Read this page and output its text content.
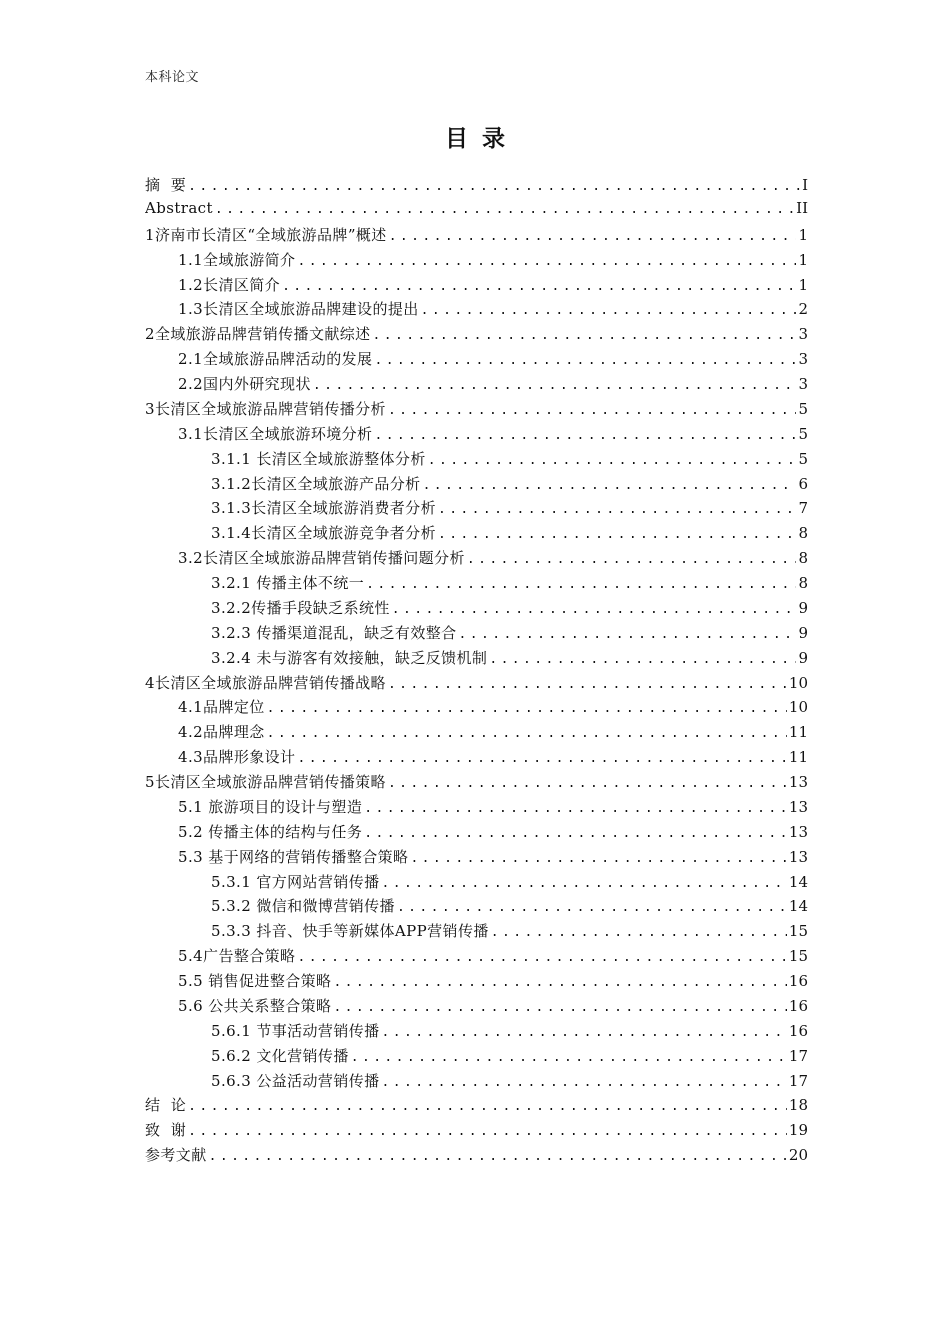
本科论文
目录
摘  要 .....	I
Abstract .....	II
1济南市长清区“全域旅游品牌”概述 .....	1
1.1全域旅游简介 .....	1
1.2长清区简介 .....	1
1.3长清区全域旅游品牌建设的提出 .....	2
2全域旅游品牌营销传播文献综述 .....	3
2.1全域旅游品牌活动的发展 .....	3
2.2国内外研究现状 .....	3
3长清区全域旅游品牌营销传播分析 .....	5
3.1长清区全域旅游环境分析 .....	5
3.1.1 长清区全域旅游整体分析 .....	5
3.1.2长清区全域旅游产品分析 .....	6
3.1.3长清区全域旅游消费者分析 .....	7
3.1.4长清区全域旅游竞争者分析 .....	8
3.2长清区全域旅游品牌营销传播问题分析 .....	8
3.2.1 传播主体不统一 .....	8
3.2.2传播手段缺乏系统性 .....	9
3.2.3 传播渠道混乱，缺乏有效整合 .....	9
3.2.4 未与游客有效接触，缺乏反馈机制 .....	9
4长清区全域旅游品牌营销传播战略 .....	10
4.1品牌定位 .....	10
4.2品牌理念 .....	11
4.3品牌形象设计 .....	11
5长清区全域旅游品牌营销传播策略 .....	13
5.1 旅游项目的设计与塑造 .....	13
5.2 传播主体的结构与任务 .....	13
5.3 基于网络的营销传播整合策略 .....	13
5.3.1 官方网站营销传播 .....	14
5.3.2 微信和微博营销传播 .....	14
5.3.3 抖音、快手等新媒体APP营销传播 .....	15
5.4广告整合策略 .....	15
5.5 销售促进整合策略 .....	16
5.6 公共关系整合策略 .....	16
5.6.1 节事活动营销传播 .....	16
5.6.2 文化营销传播 .....	17
5.6.3 公益活动营销传播 .....	17
结  论 .....	18
致  谢 .....	19
参考文献 .....	20
